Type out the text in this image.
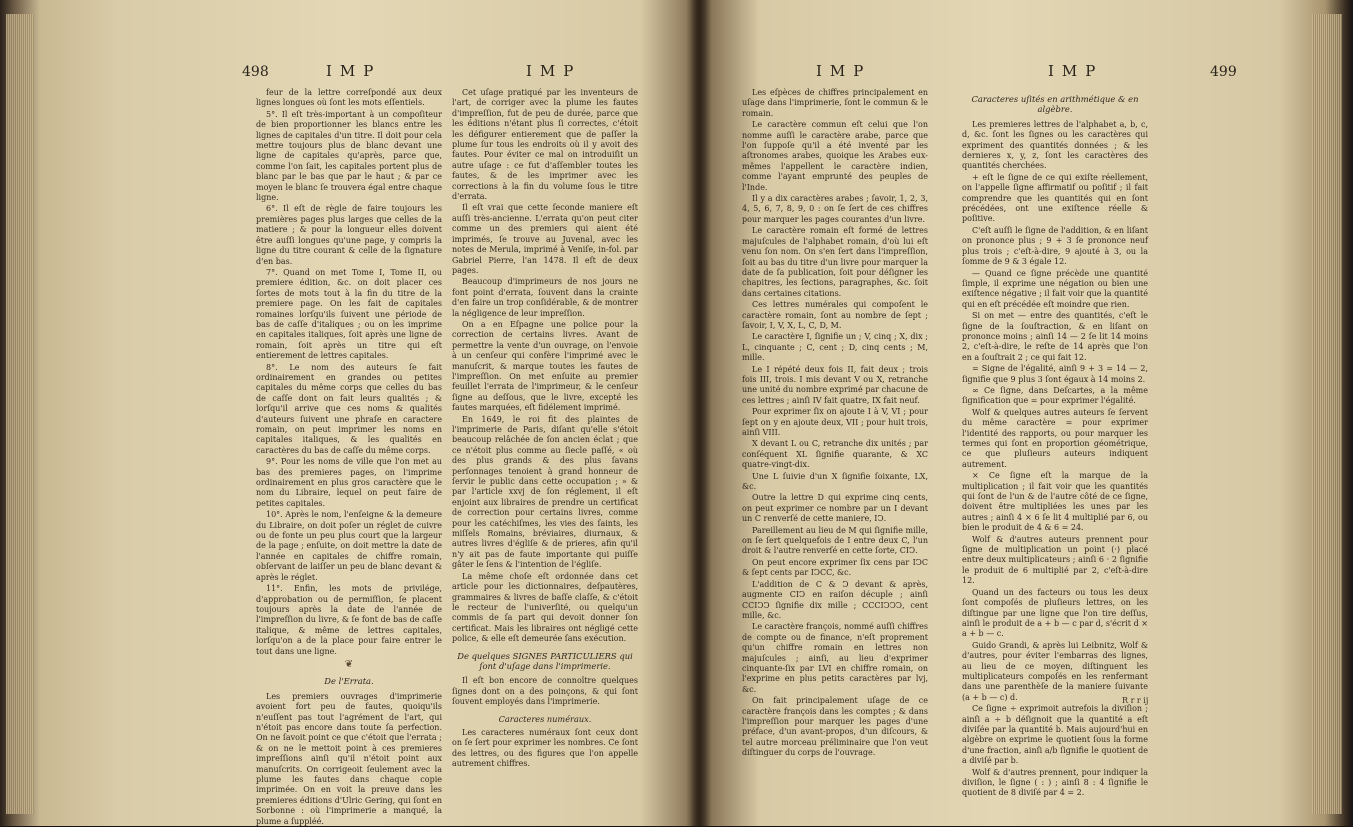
498	IMP	IMP

feur de la lettre correſpondé aux deux lignes longues où ſont les mots eſſentiels.

5°. Il eſt très-important à un compoſiteur de bien proportionner les blancs entre les lignes de capitales d'un titre. Il doit pour cela mettre toujours plus de blanc devant une ligne de capitales qu'après, parce que, comme l'on ſait, les capitales portent plus de blanc par le bas que par le haut ; & par ce moyen le blanc ſe trouvera égal entre chaque ligne.

6°. Il eſt de règle de faire toujours les premières pages plus larges que celles de la matiere ; & pour la longueur elles doivent être auſſi longues qu'une page, y compris la ligne du titre courant & celle de la ſignature d'en bas.

7°. Quand on met Tome I, Tome II, ou premiere édition, &c. on doit placer ces ſortes de mots tout à la fin du titre de la premiere page. On les fait de capitales romaines lorſqu'ils ſuivent une période de bas de caſſe d'italiques ; ou on les imprime en capitales italiques, ſoit après une ligne de romain, ſoit après un titre qui eſt entierement de lettres capitales.

8°. Le nom des auteurs ſe fait ordinairement en grandes ou petites capitales du même corps que celles du bas de caſſe dont on fait leurs qualités ; & lorſqu'il arrive que ces noms & qualités d'auteurs ſuivent une phraſe en caractere romain, on peut imprimer les noms en capitales italiques, & les qualités en caractères du bas de caſſe du même corps.

9°. Pour les noms de ville que l'on met au bas des premieres pages, on l'imprime ordinairement en plus gros caractère que le nom du Libraire, lequel on peut faire de petites capitales.

10°. Après le nom, l'enſeigne & la demeure du Libraire, on doit poſer un réglet de cuivre ou de fonte un peu plus court que la largeur de la page ; enſuite, on doit mettre la date de l'année en capitales de chiffre romain, obſervant de laiſſer un peu de blanc devant & après le réglet.

11°. Enfin, les mots de privilége, d'approbation ou de permiſſion, ſe placent toujours après la date de l'année de l'impreſſion du livre, & ſe font de bas de caſſe italique, & même de lettres capitales, lorſqu'on a de la place pour faire entrer le tout dans une ligne.

❦

De l'Errata.

Les premiers ouvrages d'imprimerie avoient fort peu de fautes, quoiqu'ils n'euſſent pas tout l'agrément de l'art, qui n'étoit pas encore dans toute ſa perfection. On ne ſavoit point ce que c'étoit que l'errata ; & on ne le mettoit point à ces premieres impreſſions ainſi qu'il n'étoit point aux manuſcrits. On corrigeoit ſeulement avec la plume les fautes dans chaque copie imprimée. On en voit la preuve dans les premieres éditions d'Ulric Gering, qui ſont en Sorbonne : où l'imprimerie a manqué, la plume a ſuppléé.

Cet uſage pratiqué par les inventeurs de l'art, de corriger avec la plume les fautes d'impreſſion, fut de peu de durée, parce que les éditions n'étant plus ſi correctes, c'étoit les défigurer entierement que de paſſer la plume ſur tous les endroits où il y avoit des fautes. Pour éviter ce mal on introduiſit un autre uſage : ce fut d'aſſembler toutes les fautes, & de les imprimer avec les corrections à la fin du volume ſous le titre d'errata.

Il eſt vrai que cette ſeconde maniere eſt auſſi très-ancienne. L'errata qu'on peut citer comme un des premiers qui aient été imprimés, ſe trouve au Juvenal, avec les notes de Merula, imprimé à Veniſe, in-fol. par Gabriel Pierre, l'an 1478. Il eſt de deux pages.

Beaucoup d'imprimeurs de nos jours ne font point d'errata, ſouvent dans la crainte d'en faire un trop conſidérable, & de montrer la négligence de leur impreſſion.

On a en Eſpagne une police pour la correction de certains livres. Avant de permettre la vente d'un ouvrage, on l'envoie à un cenſeur qui confère l'imprimé avec le manuſcrit, & marque toutes les fautes de l'impreſſion. On met enſuite au premier feuillet l'errata de l'imprimeur, & le cenſeur ſigne au deſſous, que le livre, excepté les fautes marquées, eſt fidélement imprimé.

En 1649, le roi fit des plaintes de l'imprimerie de Paris, diſant qu'elle s'étoit beaucoup relâchée de ſon ancien éclat ; que ce n'étoit plus comme au ſiecle paſſé, « où des plus grands & des plus ſavans perſonnages tenoient à grand honneur de ſervir le public dans cette occupation ; » & par l'article xxvj de ſon réglement, il eſt enjoint aux libraires de prendre un certificat de correction pour certains livres, comme pour les catéchiſmes, les vies des ſaints, les miſſels Romains, bréviaires, diurnaux, & autres livres d'égliſe & de prieres, afin qu'il n'y ait pas de faute importante qui puiſſe gâter le ſens & l'intention de l'égliſe.

La même choſe eſt ordonnée dans cet article pour les dictionnaires, deſpautères, grammaires & livres de baſſe claſſe, & c'étoit le recteur de l'univerſité, ou quelqu'un commis de ſa part qui devoit donner ſon certificat. Mais les libraires ont négligé cette police, & elle eſt demeurée ſans exécution.

De quelques SIGNES PARTICULIERS qui ſont d'uſage dans l'imprimerie.

Il eſt bon encore de connoître quelques ſignes dont on a des poinçons, & qui ſont ſouvent employés dans l'imprimerie.

Caracteres numéraux.

Les caracteres numéraux ſont ceux dont on ſe ſert pour exprimer les nombres. Ce ſont des lettres, ou des figures que l'on appelle autrement chiffres.

IMP	IMP	499

Les eſpèces de chiffres principalement en uſage dans l'imprimerie, ſont le commun & le romain.

Le caractère commun eſt celui que l'on nomme auſſi le caractère arabe, parce que l'on ſuppoſe qu'il a été inventé par les aſtronomes arabes, quoique les Arabes eux-mêmes l'appellent le caractère indien, comme l'ayant emprunté des peuples de l'Inde.

Il y a dix caractères arabes ; ſavoir, 1, 2, 3, 4, 5, 6, 7, 8, 9, 0 : on ſe ſert de ces chiffres pour marquer les pages courantes d'un livre.

Le caractère romain eſt formé de lettres majuſcules de l'alphabet romain, d'où lui eſt venu ſon nom. On s'en ſert dans l'impreſſion, ſoit au bas du titre d'un livre pour marquer la date de ſa publication, ſoit pour déſigner les chapitres, les ſections, paragraphes, &c. ſoit dans certaines citations.

Ces lettres numérales qui compoſent le caractère romain, ſont au nombre de ſept ; ſavoir, I, V, X, L, C, D, M.

Le caractère I, ſignifie un ; V, cinq ; X, dix ; L, cinquante ; C, cent ; D, cinq cents ; M, mille.

Le I répété deux fois II, fait deux ; trois fois III, trois. I mis devant V ou X, retranche une unité du nombre exprimé par chacune de ces lettres ; ainſi IV fait quatre, IX fait neuf.

Pour exprimer ſix on ajoute I à V, VI ; pour ſept on y en ajoute deux, VII ; pour huit trois, ainſi VIII.

X devant L ou C, retranche dix unités ; par conſéquent XL ſignifie quarante, & XC quatre-vingt-dix.

Une L ſuivie d'un X ſignifie ſoixante, LX, &c.

Outre la lettre D qui exprime cinq cents, on peut exprimer ce nombre par un I devant un C renverſé de cette maniere, IↃ.

Pareillement au lieu de M qui ſignifie mille, on ſe ſert quelquefois de I entre deux C, l'un droit & l'autre renverſé en cette ſorte, CIↃ.

On peut encore exprimer ſix cens par IↃC & ſept cents par IↃCC, &c.

L'addition de C & Ↄ devant & après, augmente CIↃ en raiſon décuple ; ainſi CCIↃↃ ſignifie dix mille ; CCCIↃↃↃ, cent mille, &c.

Le caractère françois, nommé auſſi chiffres de compte ou de finance, n'eſt proprement qu'un chiffre romain en lettres non majuſcules ; ainſi, au lieu d'exprimer cinquante-ſix par LVI en chiffre romain, on l'exprime en plus petits caractères par lvj, &c.

On fait principalement uſage de ce caractère françois dans les comptes ; & dans l'impreſſion pour marquer les pages d'une préface, d'un avant-propos, d'un diſcours, & tel autre morceau préliminaire que l'on veut diſtinguer du corps de l'ouvrage.

Caracteres uſités en arithmétique & en algèbre.

Les premieres lettres de l'alphabet a, b, c, d, &c. ſont les ſignes ou les caractères qui expriment des quantités données ; & les dernieres x, y, z, ſont les caractères des quantités cherchées.

+ eſt le ſigne de ce qui exiſte réellement, on l'appelle ſigne affirmatif ou poſitif ; il fait comprendre que les quantités qui en ſont précédées, ont une exiſtence réelle & poſitive.

C'eſt auſſi le ſigne de l'addition, & en liſant on prononce plus ; 9 + 3 ſe prononce neuf plus trois ; c'eſt-à-dire, 9 ajouté à 3, ou la ſomme de 9 & 3 égale 12.

— Quand ce ſigne précède une quantité ſimple, il exprime une négation ou bien une exiſtence négative ; il fait voir que la quantité qui en eſt précédée eſt moindre que rien.

Si on met — entre des quantités, c'eſt le ſigne de la ſouſtraction, & en liſant on prononce moins ; ainſi 14 — 2 ſe lit 14 moins 2, c'eſt-à-dire, le reſte de 14 après que l'on en a ſouſtrait 2 ; ce qui fait 12.

= Signe de l'égalité, ainſi 9 + 3 = 14 — 2, ſignifie que 9 plus 3 ſont égaux à 14 moins 2.

∞ Ce ſigne, dans Deſcartes, a la même ſignification que = pour exprimer l'égalité.

Wolf & quelques autres auteurs ſe ſervent du même caractère = pour exprimer l'identité des rapports, ou pour marquer les termes qui ſont en proportion géométrique, ce que pluſieurs auteurs indiquent autrement.

× Ce ſigne eſt la marque de la multiplication ; il fait voir que les quantités qui ſont de l'un & de l'autre côté de ce ſigne, doivent être multipliées les unes par les autres ; ainſi 4 × 6 ſe lit 4 multiplié par 6, ou bien le produit de 4 & 6 = 24.

Wolf & d'autres auteurs prennent pour ſigne de multiplication un point (·) placé entre deux multiplicateurs ; ainſi 6 · 2 ſignifie le produit de 6 multiplié par 2, c'eſt-à-dire 12.

Quand un des facteurs ou tous les deux ſont compoſés de pluſieurs lettres, on les diſtingue par une ligne que l'on tire deſſus, ainſi le produit de a + b — c par d, s'écrit d × a + b — c.

Guido Grandi, & après lui Leibnitz, Wolf & d'autres, pour éviter l'embarras des lignes, au lieu de ce moyen, diſtinguent les multiplicateurs compoſés en les renfermant dans une parenthèſe de la maniere ſuivante (a + b — c) d.

Ce ſigne ÷ exprimoit autrefois la diviſion ; ainſi a ÷ b déſignoit que la quantité a eſt diviſée par la quantité b. Mais aujourd'hui en algèbre on exprime le quotient ſous la forme d'une fraction, ainſi a/b ſignifie le quotient de a diviſé par b.

Wolf & d'autres prennent, pour indiquer la diviſion, le ſigne ( : ) ; ainſi 8 : 4 ſignifie le quotient de 8 diviſé par 4 = 2.

R r r ij
